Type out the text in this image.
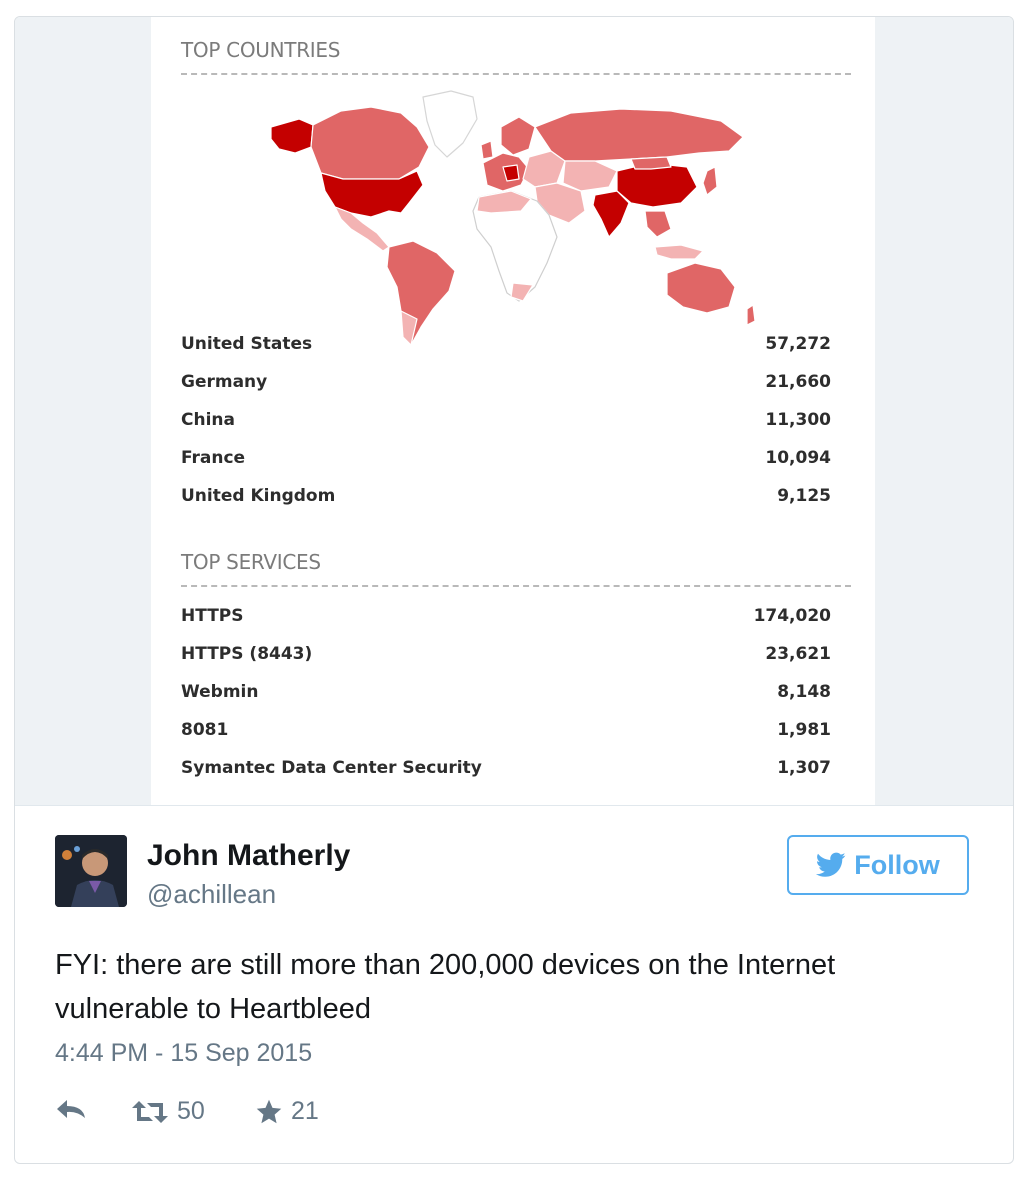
TOP COUNTRIES
United States	57,272
Germany	21,660
China	11,300
France	10,094
United Kingdom	9,125
TOP SERVICES
HTTPS	174,020
HTTPS (8443)	23,621
Webmin	8,148
8081	1,981
Symantec Data Center Security	1,307
John Matherly
@achillean
Follow
FYI: there are still more than 200,000 devices on the Internet
vulnerable to Heartbleed
4:44 PM - 15 Sep 2015
50	21
